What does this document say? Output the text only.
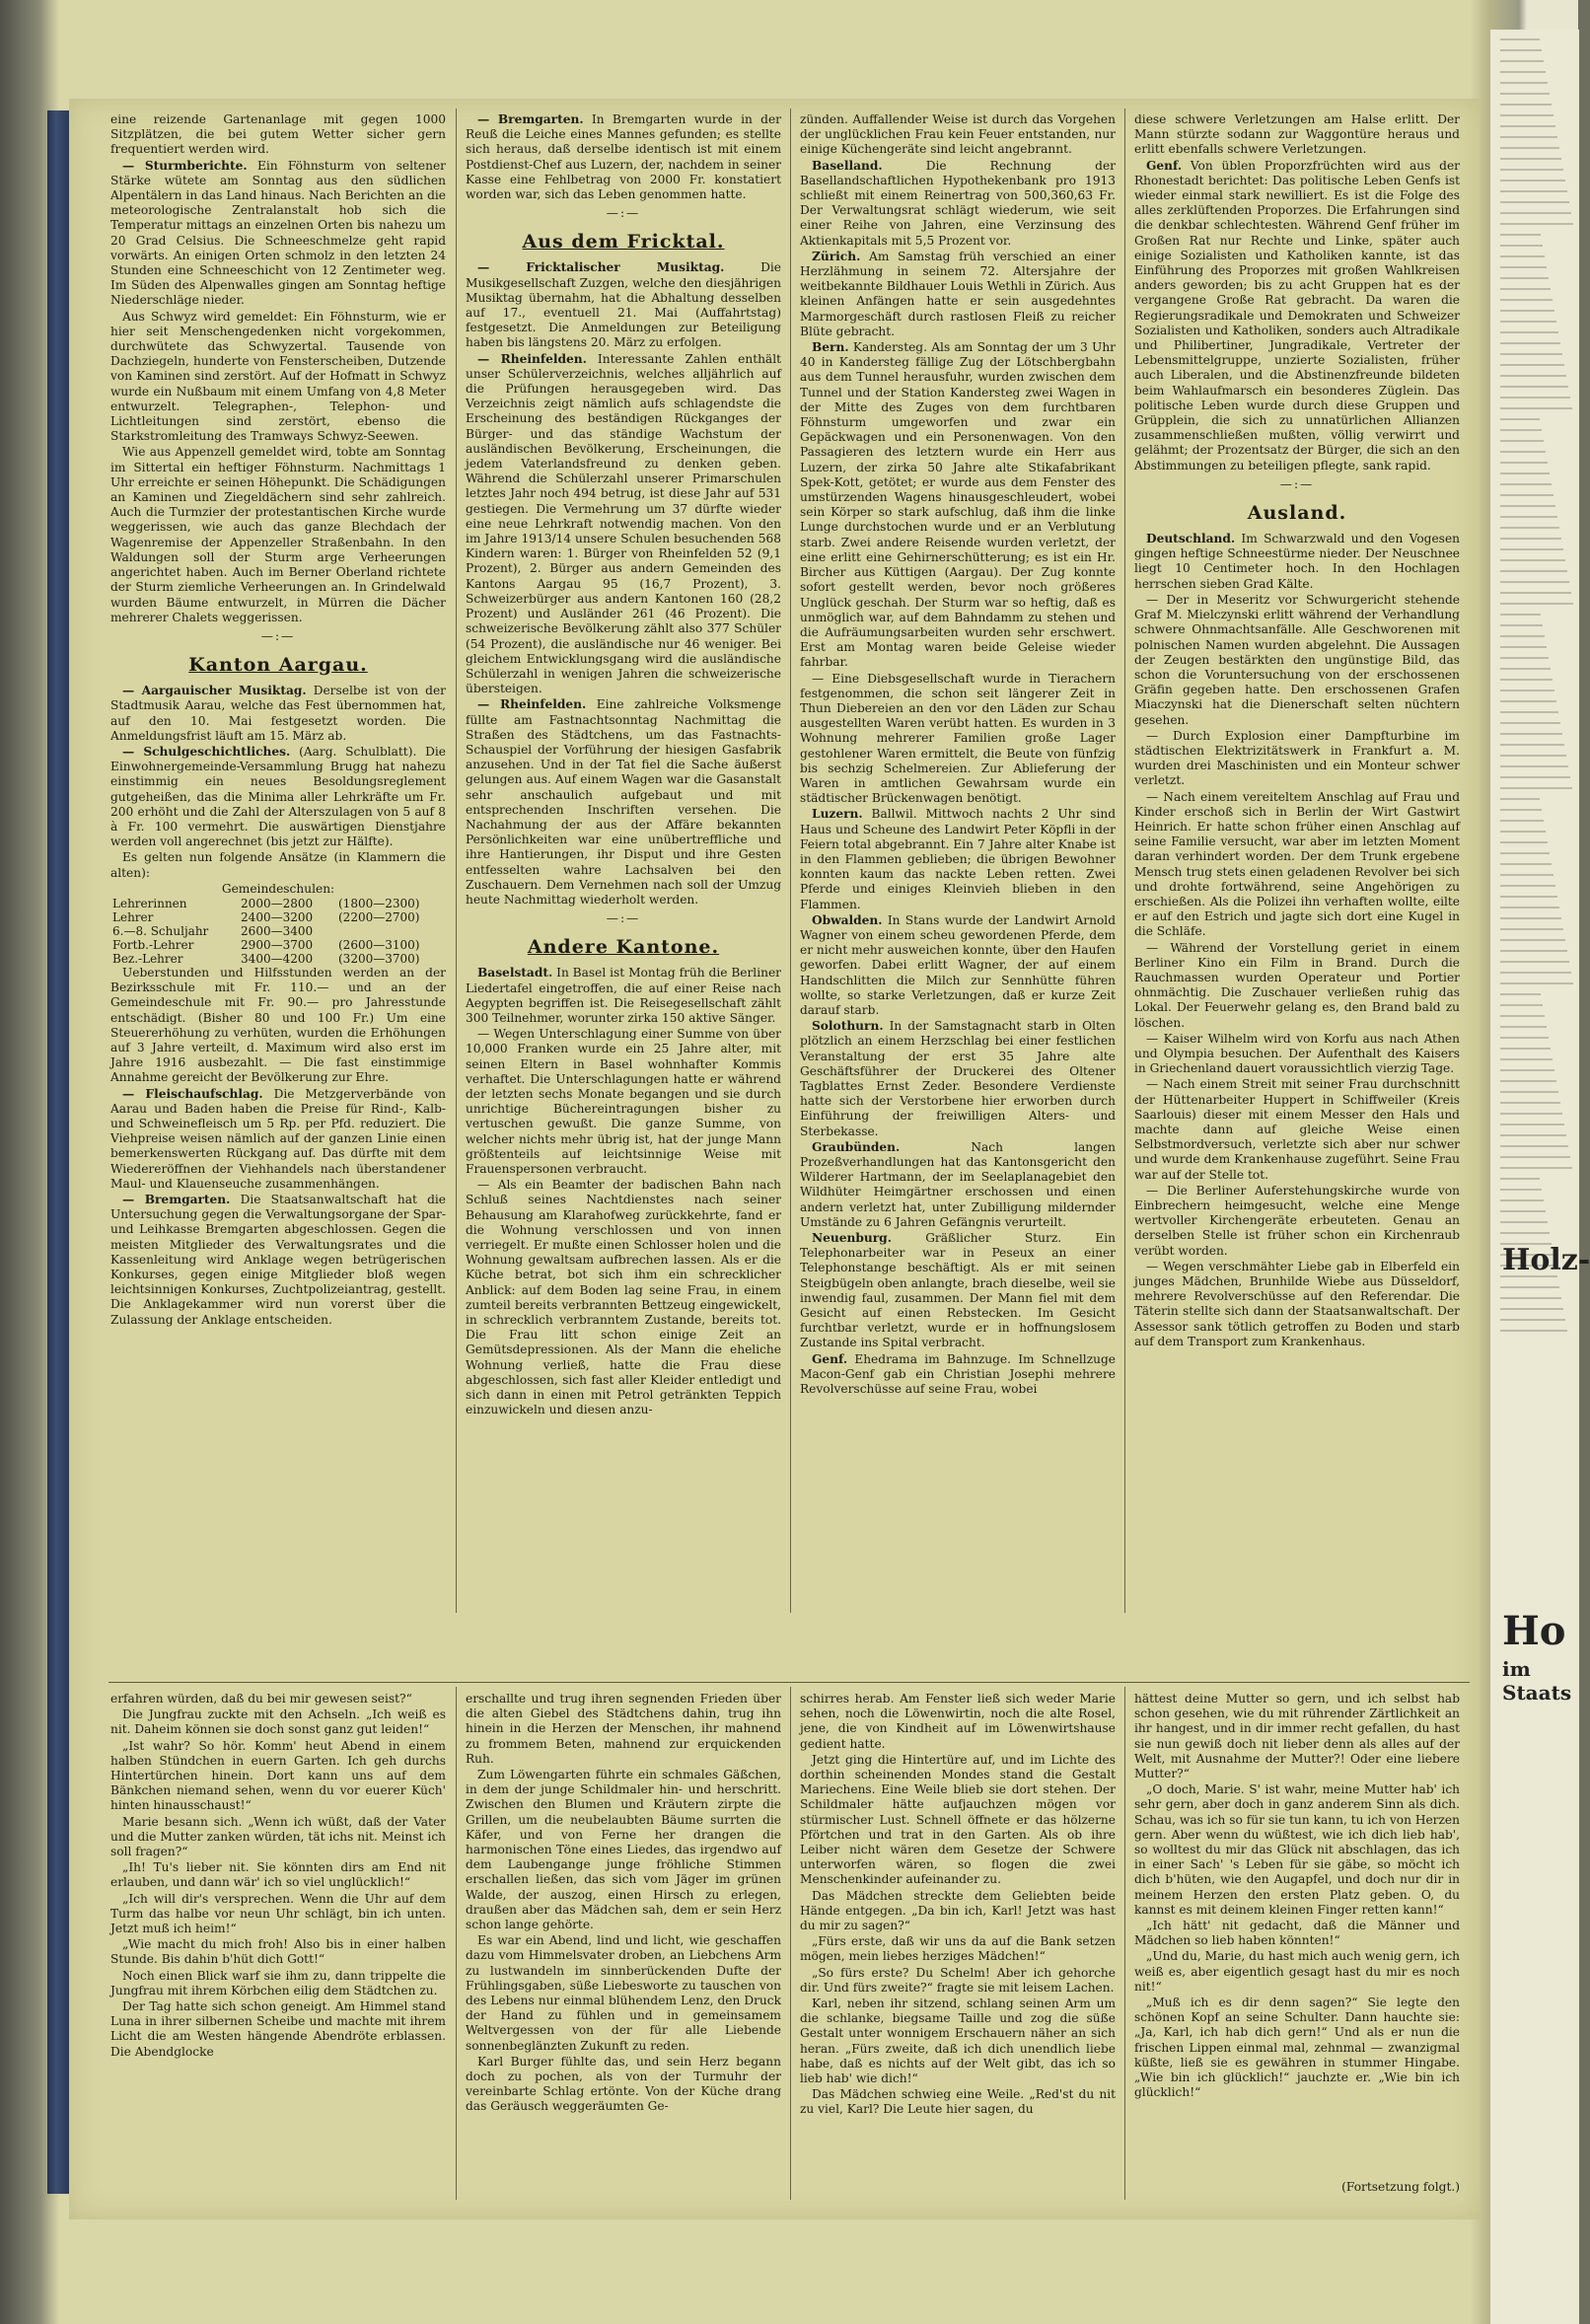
eine reizende Gartenanlage mit gegen 1000 Sitzplätzen, die bei gutem Wetter sicher gern frequentiert werden wird.

— Sturmberichte. Ein Föhnsturm von seltener Stärke wütete am Sonntag aus den südlichen Alpentälern in das Land hinaus. Nach Berichten an die meteorologische Zentralanstalt hob sich die Temperatur mittags an einzelnen Orten bis nahezu um 20 Grad Celsius. Die Schneeschmelze geht rapid vorwärts. An einigen Orten schmolz in den letzten 24 Stunden eine Schneeschicht von 12 Zentimeter weg. Im Süden des Alpenwalles gingen am Sonntag heftige Niederschläge nieder.

Aus Schwyz wird gemeldet: Ein Föhnsturm, wie er hier seit Menschengedenken nicht vorgekommen, durchwütete das Schwyzertal. Tausende von Dachziegeln, hunderte von Fensterscheiben, Dutzende von Kaminen sind zerstört. Auf der Hofmatt in Schwyz wurde ein Nußbaum mit einem Umfang von 4,8 Meter entwurzelt. Telegraphen-, Telephon- und Lichtleitungen sind zerstört, ebenso die Starkstromleitung des Tramways Schwyz-Seewen.

Wie aus Appenzell gemeldet wird, tobte am Sonntag im Sittertal ein heftiger Föhnsturm. Nachmittags 1 Uhr erreichte er seinen Höhepunkt. Die Schädigungen an Kaminen und Ziegeldächern sind sehr zahlreich. Auch die Turmzier der protestantischen Kirche wurde weggerissen, wie auch das ganze Blechdach der Wagenremise der Appenzeller Straßenbahn. In den Waldungen soll der Sturm arge Verheerungen angerichtet haben. Auch im Berner Oberland richtete der Sturm ziemliche Verheerungen an. In Grindelwald wurden Bäume entwurzelt, in Mürren die Dächer mehrerer Chalets weggerissen.

—:—
Kanton Aargau.

— Aargauischer Musiktag. Derselbe ist von der Stadtmusik Aarau, welche das Fest übernommen hat, auf den 10. Mai festgesetzt worden. Die Anmeldungsfrist läuft am 15. März ab.

— Schulgeschichtliches. (Aarg. Schulblatt). Die Einwohnergemeinde-Versammlung Brugg hat nahezu einstimmig ein neues Besoldungsreglement gutgeheißen, das die Minima aller Lehrkräfte um Fr. 200 erhöht und die Zahl der Alterszulagen von 5 auf 8 à Fr. 100 vermehrt. Die auswärtigen Dienstjahre werden voll angerechnet (bis jetzt zur Hälfte).

Es gelten nun folgende Ansätze (in Klammern die alten):

Gemeindeschulen:
Lehrerinnen	2000—2800	(1800—2300)
Lehrer	2400—3200	(2200—2700)
6.—8. Schuljahr	2600—3400	
Fortb.-Lehrer	2900—3700	(2600—3100)
Bez.-Lehrer	3400—4200	(3200—3700)

Ueberstunden und Hilfsstunden werden an der Bezirksschule mit Fr. 110.— und an der Gemeindeschule mit Fr. 90.— pro Jahresstunde entschädigt. (Bisher 80 und 100 Fr.) Um eine Steuererhöhung zu verhüten, wurden die Erhöhungen auf 3 Jahre verteilt, d. Maximum wird also erst im Jahre 1916 ausbezahlt. — Die fast einstimmige Annahme gereicht der Bevölkerung zur Ehre.

— Fleischaufschlag. Die Metzgerverbände von Aarau und Baden haben die Preise für Rind-, Kalb- und Schweinefleisch um 5 Rp. per Pfd. reduziert. Die Viehpreise weisen nämlich auf der ganzen Linie einen bemerkenswerten Rückgang auf. Das dürfte mit dem Wiedereröffnen der Viehhandels nach überstandener Maul- und Klauenseuche zusammenhängen.

— Bremgarten. Die Staatsanwaltschaft hat die Untersuchung gegen die Verwaltungsorgane der Spar- und Leihkasse Bremgarten abgeschlossen. Gegen die meisten Mitglieder des Verwaltungsrates und die Kassenleitung wird Anklage wegen betrügerischen Konkurses, gegen einige Mitglieder bloß wegen leichtsinnigen Konkurses, Zuchtpolizeiantrag, gestellt. Die Anklagekammer wird nun vorerst über die Zulassung der Anklage entscheiden.

— Bremgarten. In Bremgarten wurde in der Reuß die Leiche eines Mannes gefunden; es stellte sich heraus, daß derselbe identisch ist mit einem Postdienst-Chef aus Luzern, der, nachdem in seiner Kasse eine Fehlbetrag von 2000 Fr. konstatiert worden war, sich das Leben genommen hatte.

—:—
Aus dem Fricktal.

— Fricktalischer Musiktag.	Die Musikgesellschaft Zuzgen, welche den diesjährigen Musiktag übernahm, hat die Abhaltung desselben auf 17., eventuell 21. Mai (Auffahrtstag) festgesetzt. Die Anmeldungen zur Beteiligung haben bis längstens 20. März zu erfolgen.

— Rheinfelden. Interessante Zahlen enthält unser Schülerverzeichnis, welches alljährlich auf die Prüfungen herausgegeben wird. Das Verzeichnis zeigt nämlich aufs schlagendste die Erscheinung des beständigen Rückganges der Bürger- und das ständige Wachstum der ausländischen Bevölkerung, Erscheinungen, die jedem Vaterlandsfreund zu denken geben. Während die Schülerzahl unserer Primarschulen letztes Jahr noch 494 betrug, ist diese Jahr auf 531 gestiegen. Die Vermehrung um 37 dürfte wieder eine neue Lehrkraft notwendig machen. Von den im Jahre 1913/14 unsere Schulen besuchenden 568 Kindern waren: 1. Bürger von Rheinfelden 52 (9,1 Prozent), 2. Bürger aus andern Gemeinden des Kantons Aargau 95 (16,7 Prozent), 3. Schweizerbürger aus andern Kantonen 160 (28,2 Prozent) und Ausländer 261 (46 Prozent). Die schweizerische Bevölkerung zählt also 377 Schüler (54 Prozent), die ausländische nur 46 weniger. Bei gleichem Entwicklungsgang wird die ausländische Schülerzahl in wenigen Jahren die schweizerische übersteigen.

— Rheinfelden. Eine zahlreiche Volksmenge füllte am Fastnachtsonntag Nachmittag die Straßen des Städtchens, um das Fastnachts-Schauspiel der Vorführung der hiesigen Gasfabrik anzusehen. Und in der Tat fiel die Sache äußerst gelungen aus. Auf einem Wagen war die Gasanstalt sehr anschaulich aufgebaut und mit entsprechenden Inschriften versehen. Die Nachahmung der aus der Affäre bekannten Persönlichkeiten war eine unübertreffliche und ihre Hantierungen, ihr Disput und ihre Gesten entfesselten wahre Lachsalven bei den Zuschauern. Dem Vernehmen nach soll der Umzug heute Nachmittag wiederholt werden.

—:—
Andere Kantone.

Baselstadt. In Basel ist Montag früh die Berliner Liedertafel eingetroffen, die auf einer Reise nach Aegypten begriffen ist. Die Reisegesellschaft zählt 300 Teilnehmer, worunter zirka 150 aktive Sänger.

— Wegen Unterschlagung einer Summe von über 10,000 Franken wurde ein 25 Jahre alter, mit seinen Eltern in Basel wohnhafter Kommis verhaftet. Die Unterschlagungen hatte er während der letzten sechs Monate begangen und sie durch unrichtige Büchereintragungen bisher zu vertuschen gewußt. Die ganze Summe, von welcher nichts mehr übrig ist, hat der junge Mann größtenteils auf leichtsinnige Weise mit Frauenspersonen verbraucht.

— Als ein Beamter der badischen Bahn nach Schluß seines Nachtdienstes nach seiner Behausung am Klarahofweg zurückkehrte, fand er die Wohnung verschlossen und von innen verriegelt. Er mußte einen Schlosser holen und die Wohnung gewaltsam aufbrechen lassen. Als er die Küche betrat, bot sich ihm ein schrecklicher Anblick: auf dem Boden lag seine Frau, in einem zumteil bereits verbrannten Bettzeug eingewickelt, in schrecklich verbranntem Zustande, bereits tot. Die Frau litt schon einige Zeit an Gemütsdepressionen. Als der Mann die eheliche Wohnung verließ, hatte die Frau diese abgeschlossen, sich fast aller Kleider entledigt und sich dann in einen mit Petrol getränkten Teppich einzuwickeln und diesen anzu-

zünden. Auffallender Weise ist durch das Vorgehen der unglücklichen Frau kein Feuer entstanden, nur einige Küchengeräte sind leicht angebrannt.

Baselland.	Die Rechnung der Basellandschaftlichen Hypothekenbank pro 1913 schließt mit einem Reinertrag von 500,360,63 Fr. Der Verwaltungsrat schlägt wiederum, wie seit einer Reihe von Jahren, eine Verzinsung des Aktienkapitals mit 5,5 Prozent vor.

Zürich. Am Samstag früh verschied an einer Herzlähmung in seinem 72. Altersjahre der weitbekannte Bildhauer Louis Wethli in Zürich. Aus kleinen Anfängen hatte er sein ausgedehntes Marmorgeschäft durch rastlosen Fleiß zu reicher Blüte gebracht.

Bern. Kandersteg. Als am Sonntag der um 3 Uhr 40 in Kandersteg fällige Zug der Lötschbergbahn aus dem Tunnel herausfuhr, wurden zwischen dem Tunnel und der Station Kandersteg zwei Wagen in der Mitte des Zuges von dem furchtbaren Föhnsturm umgeworfen und zwar ein Gepäckwagen und ein Personenwagen. Von den Passagieren des letztern wurde ein Herr aus Luzern, der zirka 50 Jahre alte Stikafabrikant Spek-Kott, getötet; er wurde aus dem Fenster des umstürzenden Wagens hinausgeschleudert, wobei sein Körper so stark aufschlug, daß ihm die linke Lunge durchstochen wurde und er an Verblutung starb. Zwei andere Reisende wurden verletzt, der eine erlitt eine Gehirnerschütterung; es ist ein Hr. Bircher aus Küttigen (Aargau). Der Zug konnte sofort gestellt werden, bevor noch größeres Unglück geschah. Der Sturm war so heftig, daß es unmöglich war, auf dem Bahndamm zu stehen und die Aufräumungsarbeiten wurden sehr erschwert. Erst am Montag waren beide Geleise wieder fahrbar.

— Eine Diebsgesellschaft wurde in Tierachern festgenommen, die schon seit längerer Zeit in Thun Diebereien an den vor den Läden zur Schau ausgestellten Waren verübt hatten. Es wurden in 3 Wohnung mehrerer Familien große Lager gestohlener Waren ermittelt, die Beute von fünfzig bis sechzig Schelmereien. Zur Ablieferung der Waren in amtlichen Gewahrsam wurde ein städtischer Brückenwagen benötigt.

Luzern. Ballwil. Mittwoch nachts 2 Uhr sind Haus und Scheune des Landwirt Peter Köpfli in der Feiern total abgebrannt. Ein 7 Jahre alter Knabe ist in den Flammen geblieben; die übrigen Bewohner konnten kaum das nackte Leben retten. Zwei Pferde und einiges Kleinvieh blieben in den Flammen.

Obwalden. In Stans wurde der Landwirt Arnold Wagner von einem scheu gewordenen Pferde, dem er nicht mehr ausweichen konnte, über den Haufen geworfen. Dabei erlitt Wagner, der auf einem Handschlitten die Milch zur Sennhütte führen wollte, so starke Verletzungen, daß er kurze Zeit darauf starb.

Solothurn. In der Samstagnacht starb in Olten plötzlich an einem Herzschlag bei einer festlichen Veranstaltung der erst 35 Jahre alte Geschäftsführer der Druckerei des Oltener Tagblattes Ernst Zeder. Besondere Verdienste hatte sich der Verstorbene hier erworben durch Einführung der freiwilligen Alters- und Sterbekasse.

Graubünden.	Nach langen Prozeßverhandlungen hat das Kantonsgericht den Wilderer Hartmann, der im Seelaplanagebiet den Wildhüter Heimgärtner erschossen und einen andern verletzt hat, unter Zubilligung mildernder Umstände zu 6 Jahren Gefängnis verurteilt.

Neuenburg.	Gräßlicher Sturz. Ein Telephonarbeiter war in Peseux an einer Telephonstange beschäftigt. Als er mit seinen Steigbügeln oben anlangte, brach dieselbe, weil sie inwendig faul, zusammen. Der Mann fiel mit dem Gesicht auf einen Rebstecken. Im Gesicht furchtbar verletzt, wurde er in hoffnungslosem Zustande ins Spital verbracht.

Genf. Ehedrama im Bahnzuge. Im Schnellzuge Macon-Genf gab ein Christian Josephi mehrere Revolverschüsse auf seine Frau, wobei

diese schwere Verletzungen am Halse erlitt. Der Mann stürzte sodann zur Waggontüre heraus und erlitt ebenfalls schwere Verletzungen.

Genf. Von üblen Proporzfrüchten wird aus der Rhonestadt berichtet: Das politische Leben Genfs ist wieder einmal stark newilliert. Es ist die Folge des alles zerklüftenden Proporzes. Die Erfahrungen sind die denkbar schlechtesten. Während Genf früher im Großen Rat nur Rechte und Linke, später auch einige Sozialisten und Katholiken kannte, ist das Einführung des Proporzes mit großen Wahlkreisen anders geworden; bis zu acht Gruppen hat es der vergangene Große Rat gebracht. Da waren die Regierungsradikale und Demokraten und Schweizer Sozialisten und Katholiken, sonders auch Altradikale und Philibertiner, Jungradikale, Vertreter der Lebensmittelgruppe, unzierte Sozialisten, früher auch Liberalen, und die Abstinenzfreunde bildeten beim Wahlaufmarsch ein besonderes Züglein. Das politische Leben wurde durch diese Gruppen und Grüpplein, die sich zu unnatürlichen Allianzen zusammenschließen mußten, völlig verwirrt und gelähmt; der Prozentsatz der Bürger, die sich an den Abstimmungen zu beteiligen pflegte, sank rapid.

—:—
Ausland.

Deutschland. Im Schwarzwald und den Vogesen gingen heftige Schneestürme nieder. Der Neuschnee liegt 10 Centimeter hoch. In den Hochlagen herrschen sieben Grad Kälte.

— Der in Meseritz vor Schwurgericht stehende Graf M. Mielczynski erlitt während der Verhandlung schwere Ohnmachtsanfälle. Alle Geschworenen mit polnischen Namen wurden abgelehnt. Die Aussagen der Zeugen bestärkten den ungünstige Bild, das schon die Voruntersuchung von der erschossenen Gräfin gegeben hatte. Den erschossenen Grafen Miaczynski hat die Dienerschaft selten nüchtern gesehen.

— Durch Explosion einer Dampfturbine im städtischen Elektrizitätswerk in Frankfurt a. M. wurden drei Maschinisten und ein Monteur schwer verletzt.

— Nach einem vereiteltem Anschlag auf Frau und Kinder erschoß sich in Berlin der Wirt Gastwirt Heinrich. Er hatte schon früher einen Anschlag auf seine Familie versucht, war aber im letzten Moment daran verhindert worden. Der dem Trunk ergebene Mensch trug stets einen geladenen Revolver bei sich und drohte fortwährend, seine Angehörigen zu erschießen. Als die Polizei ihn verhaften wollte, eilte er auf den Estrich und jagte sich dort eine Kugel in die Schläfe.

— Während der Vorstellung geriet in einem Berliner Kino ein Film in Brand. Durch die Rauchmassen wurden Operateur und Portier ohnmächtig. Die Zuschauer verließen ruhig das Lokal. Der Feuerwehr gelang es, den Brand bald zu löschen.

— Kaiser Wilhelm wird von Korfu aus nach Athen und Olympia besuchen. Der Aufenthalt des Kaisers in Griechenland dauert voraussichtlich vierzig Tage.

— Nach einem Streit mit seiner Frau durchschnitt der Hüttenarbeiter Huppert in Schiffweiler (Kreis Saarlouis) dieser mit einem Messer den Hals und machte dann auf gleiche Weise einen Selbstmordversuch, verletzte sich aber nur schwer und wurde dem Krankenhause zugeführt. Seine Frau war auf der Stelle tot.

— Die Berliner Auferstehungskirche wurde von Einbrechern heimgesucht, welche eine Menge wertvoller Kirchengeräte erbeuteten. Genau an derselben Stelle ist früher schon ein Kirchenraub verübt worden.

— Wegen verschmähter Liebe gab in Elberfeld ein junges Mädchen, Brunhilde Wiebe aus Düsseldorf, mehrere Revolverschüsse auf den Referendar. Die Täterin stellte sich dann der Staatsanwaltschaft. Der Assessor sank tötlich getroffen zu Boden und starb auf dem Transport zum Krankenhaus.

erfahren würden, daß du bei mir gewesen seist?“

Die Jungfrau zuckte mit den Achseln. „Ich weiß es nit. Daheim können sie doch sonst ganz gut leiden!“

„Ist wahr? So hör. Komm' heut Abend in einem halben Stündchen in euern Garten. Ich geh durchs Hintertürchen hinein. Dort kann uns auf dem Bänkchen niemand sehen, wenn du vor euerer Küch' hinten hinausschaust!“

Marie besann sich. „Wenn ich wüßt, daß der Vater und die Mutter zanken würden, tät ichs nit. Meinst ich soll fragen?“

„Ih! Tu's lieber nit. Sie könnten dirs am End nit erlauben, und dann wär' ich so viel unglücklich!“

„Ich will dir's versprechen. Wenn die Uhr auf dem Turm das halbe vor neun Uhr schlägt, bin ich unten. Jetzt muß ich heim!“

„Wie macht du mich froh! Also bis in einer halben Stunde. Bis dahin b'hüt dich Gott!“

Noch einen Blick warf sie ihm zu, dann trippelte die Jungfrau mit ihrem Körbchen eilig dem Städtchen zu.

Der Tag hatte sich schon geneigt. Am Himmel stand Luna in ihrer silbernen Scheibe und machte mit ihrem Licht die am Westen hängende Abendröte erblassen. Die Abendglocke

erschallte und trug ihren segnenden Frieden über die alten Giebel des Städtchens dahin, trug ihn hinein in die Herzen der Menschen, ihr mahnend zu frommem Beten, mahnend zur erquickenden Ruh.

Zum Löwengarten führte ein schmales Gäßchen, in dem der junge Schildmaler hin- und herschritt. Zwischen den Blumen und Kräutern zirpte die Grillen, um die neubelaubten Bäume surrten die Käfer, und von Ferne her drangen die harmonischen Töne eines Liedes, das irgendwo auf dem Laubengange junge fröhliche Stimmen erschallen ließen, das sich vom Jäger im grünen Walde, der auszog, einen Hirsch zu erlegen, draußen aber das Mädchen sah, dem er sein Herz schon lange gehörte.

Es war ein Abend, lind und licht, wie geschaffen dazu vom Himmelsvater droben, an Liebchens Arm zu lustwandeln im sinnberückenden Dufte der Frühlingsgaben, süße Liebesworte zu tauschen von des Lebens nur einmal blühendem Lenz, den Druck der Hand zu fühlen und in gemeinsamem Weltvergessen von der für alle Liebende sonnenbeglänzten Zukunft zu reden.

Karl Burger fühlte das, und sein Herz begann doch zu pochen, als von der Turmuhr der vereinbarte Schlag ertönte. Von der Küche drang das Geräusch weggeräumten Ge-

schirres herab. Am Fenster ließ sich weder Marie sehen, noch die Löwenwirtin, noch die alte Rosel, jene, die von Kindheit auf im Löwenwirtshause gedient hatte.

Jetzt ging die Hintertüre auf, und im Lichte des dorthin scheinenden Mondes stand die Gestalt Mariechens. Eine Weile blieb sie dort stehen. Der Schildmaler hätte aufjauchzen mögen vor stürmischer Lust. Schnell öffnete er das hölzerne Pförtchen und trat in den Garten. Als ob ihre Leiber nicht wären dem Gesetze der Schwere unterworfen wären, so flogen die zwei Menschenkinder aufeinander zu.

Das Mädchen streckte dem Geliebten beide Hände entgegen. „Da bin ich, Karl! Jetzt was hast du mir zu sagen?“

„Fürs erste, daß wir uns da auf die Bank setzen mögen, mein liebes herziges Mädchen!“

„So fürs erste? Du Schelm! Aber ich gehorche dir. Und fürs zweite?“ fragte sie mit leisem Lachen.

Karl, neben ihr sitzend, schlang seinen Arm um die schlanke, biegsame Taille und zog die süße Gestalt unter wonnigem Erschauern näher an sich heran. „Fürs zweite, daß ich dich unendlich liebe habe, daß es nichts auf der Welt gibt, das ich so lieb hab' wie dich!“

Das Mädchen schwieg eine Weile. „Red'st du nit zu viel, Karl? Die Leute hier sagen, du

hättest deine Mutter so gern, und ich selbst hab schon gesehen, wie du mit rührender Zärtlichkeit an ihr hangest, und in dir immer recht gefallen, du hast sie nun gewiß doch nit lieber denn als alles auf der Welt, mit Ausnahme der Mutter?! Oder eine liebere Mutter?“

„O doch, Marie. S' ist wahr, meine Mutter hab' ich sehr gern, aber doch in ganz anderem Sinn als dich. Schau, was ich so für sie tun kann, tu ich von Herzen gern. Aber wenn du wüßtest, wie ich dich lieb hab', so wolltest du mir das Glück nit abschlagen, das ich in einer Sach' 's Leben für sie gäbe, so möcht ich dich b'hüten, wie den Augapfel, und doch nur dir in meinem Herzen den ersten Platz geben. O, du kannst es mit deinem kleinen Finger retten kann!“

„Ich hätt' nit gedacht, daß die Männer und Mädchen so lieb haben könnten!“

„Und du, Marie, du hast mich auch wenig gern, ich weiß es, aber eigentlich gesagt hast du mir es noch nit!“

„Muß ich es dir denn sagen?“ Sie legte den schönen Kopf an seine Schulter. Dann hauchte sie: „Ja, Karl, ich hab dich gern!“ Und als er nun die frischen Lippen einmal mal, zehnmal — zwanzigmal küßte, ließ sie es gewähren in stummer Hingabe. „Wie bin ich glücklich!“ jauchzte er. „Wie bin ich glücklich!“

(Fortsetzung folgt.)
Holz-
Ho
im Staats
